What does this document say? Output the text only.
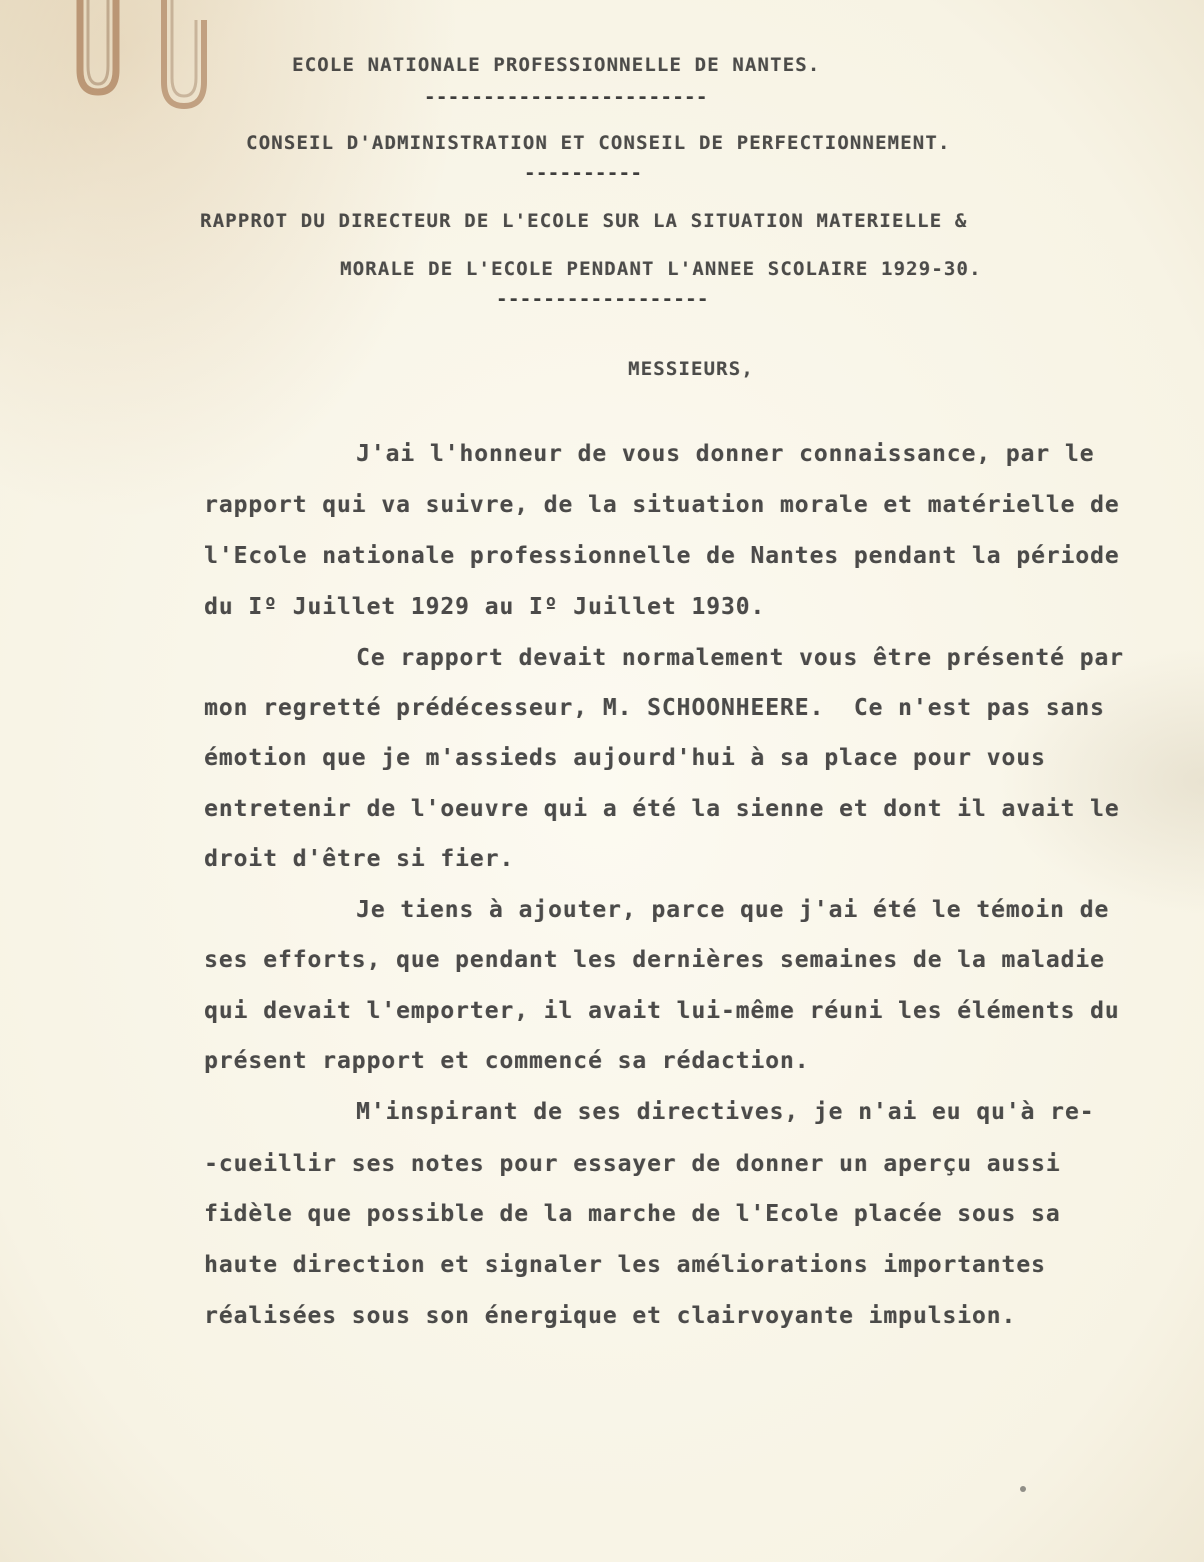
ECOLE NATIONALE PROFESSIONNELLE DE NANTES.
------------------------
CONSEIL D'ADMINISTRATION ET CONSEIL DE PERFECTIONNEMENT.
----------
RAPPROT DU DIRECTEUR DE L'ECOLE SUR LA SITUATION MATERIELLE &
MORALE DE L'ECOLE PENDANT L'ANNEE SCOLAIRE 1929-30.
------------------
MESSIEURS,
J'ai l'honneur de vous donner connaissance, par le
rapport qui va suivre, de la situation morale et matérielle de
l'Ecole nationale professionnelle de Nantes pendant la période
du Iº Juillet 1929 au Iº Juillet 1930.
Ce rapport devait normalement vous être présenté par
mon regretté prédécesseur, M. SCHOONHEERE.  Ce n'est pas sans
émotion que je m'assieds aujourd'hui à sa place pour vous
entretenir de l'oeuvre qui a été la sienne et dont il avait le
droit d'être si fier.
Je tiens à ajouter, parce que j'ai été le témoin de
ses efforts, que pendant les dernières semaines de la maladie
qui devait l'emporter, il avait lui-même réuni les éléments du
présent rapport et commencé sa rédaction.
M'inspirant de ses directives, je n'ai eu qu'à re-
-cueillir ses notes pour essayer de donner un aperçu aussi
fidèle que possible de la marche de l'Ecole placée sous sa
haute direction et signaler les améliorations importantes
réalisées sous son énergique et clairvoyante impulsion.
